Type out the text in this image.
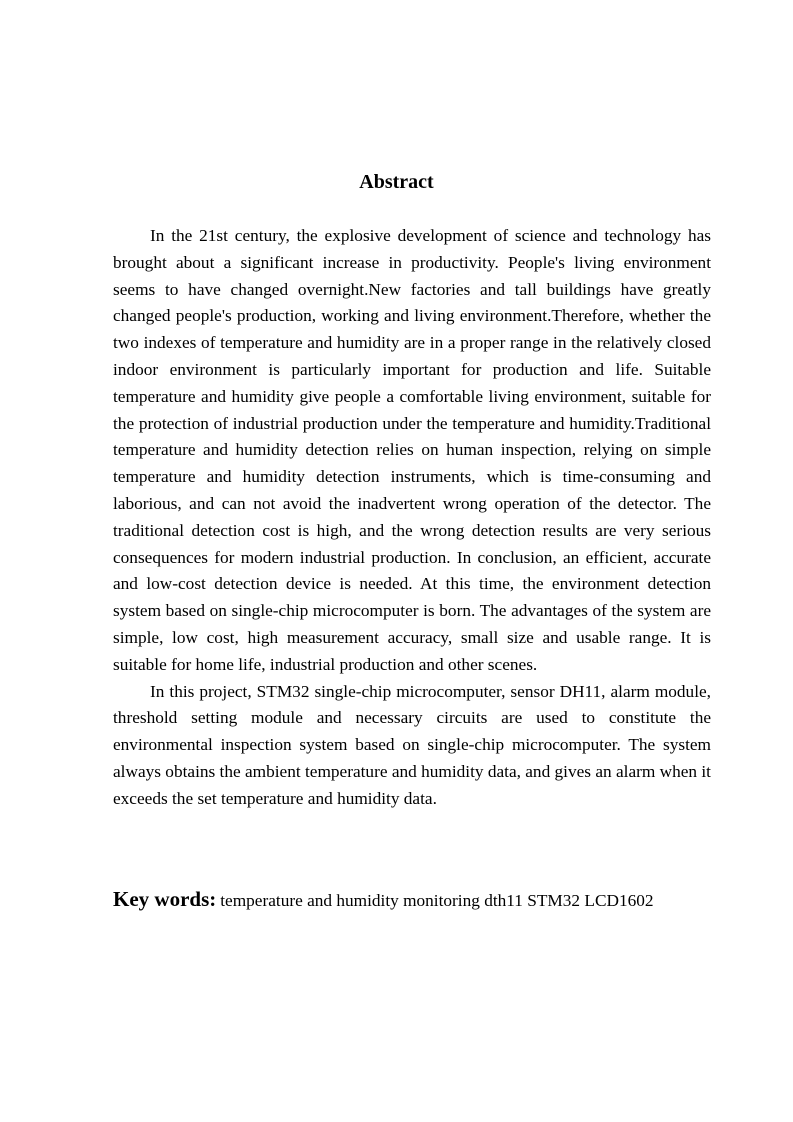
Abstract

In the 21st century, the explosive development of science and technology has brought about a significant increase in productivity. People's living environment seems to have changed overnight.New factories and tall buildings have greatly changed people's production, working and living environment.Therefore, whether the two indexes of temperature and humidity are in a proper range in the relatively closed indoor environment is particularly important for production and life. Suitable temperature and humidity give people a comfortable living environment, suitable for the protection of industrial production under the temperature and humidity.Traditional temperature and humidity detection relies on human inspection, relying on simple temperature and humidity detection instruments, which is time-consuming and laborious, and can not avoid the inadvertent wrong operation of the detector. The traditional detection cost is high, and the wrong detection results are very serious consequences for modern industrial production. In conclusion, an efficient, accurate and low-cost detection device is needed. At this time, the environment detection system based on single-chip microcomputer is born. The advantages of the system are simple, low cost, high measurement accuracy, small size and usable range. It is suitable for home life, industrial production and other scenes.

In this project, STM32 single-chip microcomputer, sensor DH11, alarm module, threshold setting module and necessary circuits are used to constitute the environmental inspection system based on single-chip microcomputer. The system always obtains the ambient temperature and humidity data, and gives an alarm when it exceeds the set temperature and humidity data.

Key words: temperature and humidity monitoring dth11 STM32 LCD1602
